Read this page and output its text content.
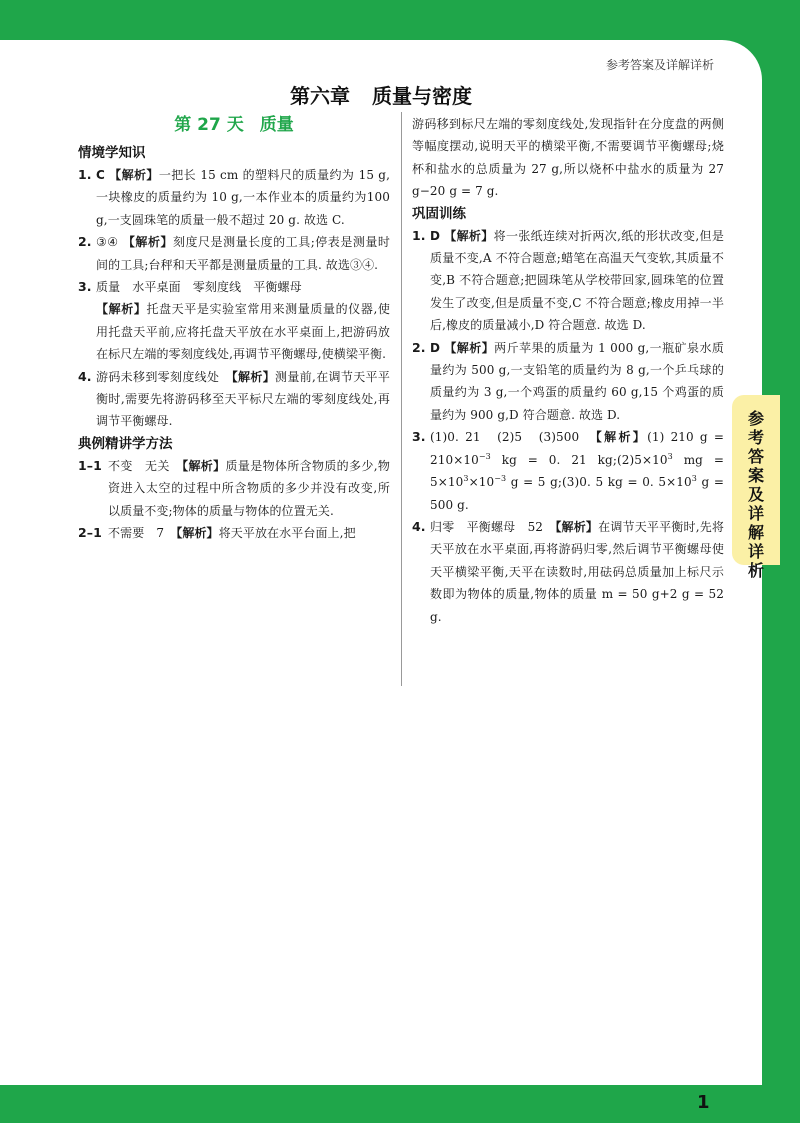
参考答案及详解详析
第六章 质量与密度
第 27 天 质量
情境学知识
1. C 【解析】一把长 15 cm 的塑料尺的质量约为 15 g,一块橡皮的质量约为 10 g,一本作业本的质量约为100 g,一支圆珠笔的质量一般不超过 20 g. 故选 C.
2. ③④ 【解析】刻度尺是测量长度的工具;停表是测量时间的工具;台秤和天平都是测量质量的工具. 故选③④.
3. 质量　水平桌面　零刻度线　平衡螺母
【解析】托盘天平是实验室常用来测量质量的仪器,使用托盘天平前,应将托盘天平放在水平桌面上,把游码放在标尺左端的零刻度线处,再调节平衡螺母,使横梁平衡.
4. 游码未移到零刻度线处　【解析】测量前,在调节天平平衡时,需要先将游码移至天平标尺左端的零刻度线处,再调节平衡螺母.
典例精讲学方法
1–1 不变　无关　【解析】质量是物体所含物质的多少,物资进入太空的过程中所含物质的多少并没有改变,所以质量不变;物体的质量与物体的位置无关.
2–1 不需要　7　【解析】将天平放在水平台面上,把
游码移到标尺左端的零刻度线处,发现指针在分度盘的两侧等幅度摆动,说明天平的横梁平衡,不需要调节平衡螺母;烧杯和盐水的总质量为 27 g,所以烧杯中盐水的质量为 27 g−20 g = 7 g.
巩固训练
1. D 【解析】将一张纸连续对折两次,纸的形状改变,但是质量不变,A 不符合题意;蜡笔在高温天气变软,其质量不变,B 不符合题意;把圆珠笔从学校带回家,圆珠笔的位置发生了改变,但是质量不变,C 不符合题意;橡皮用掉一半后,橡皮的质量减小,D 符合题意. 故选 D.
2. D 【解析】两斤苹果的质量为 1 000 g,一瓶矿泉水质量约为 500 g,一支铅笔的质量约为 8 g,一个乒乓球的质量约为 3 g,一个鸡蛋的质量约 60 g,15 个鸡蛋的质量约为 900 g,D 符合题意. 故选 D.
3. (1)0. 21　(2)5　(3)500　【解析】(1) 210 $g = 210\times 10^{-3}$ kg = 0. 21 $kg;(2)5\times 10^3$ mg = $5\times 10^3\times 10^{-3}$ g = 5 g;(3)0. 5 kg = 0. $5\times 10^3$ g = 500 g.
4. 归零　平衡螺母　52　【解析】在调节天平平衡时,先将天平放在水平桌面,再将游码归零,然后调节平衡螺母使天平横梁平衡,天平在读数时,用砝码总质量加上标尺示数即为物体的质量,物体的质量 m = 50 g+2 g = 52 g.
1
参考答案及详解详析
